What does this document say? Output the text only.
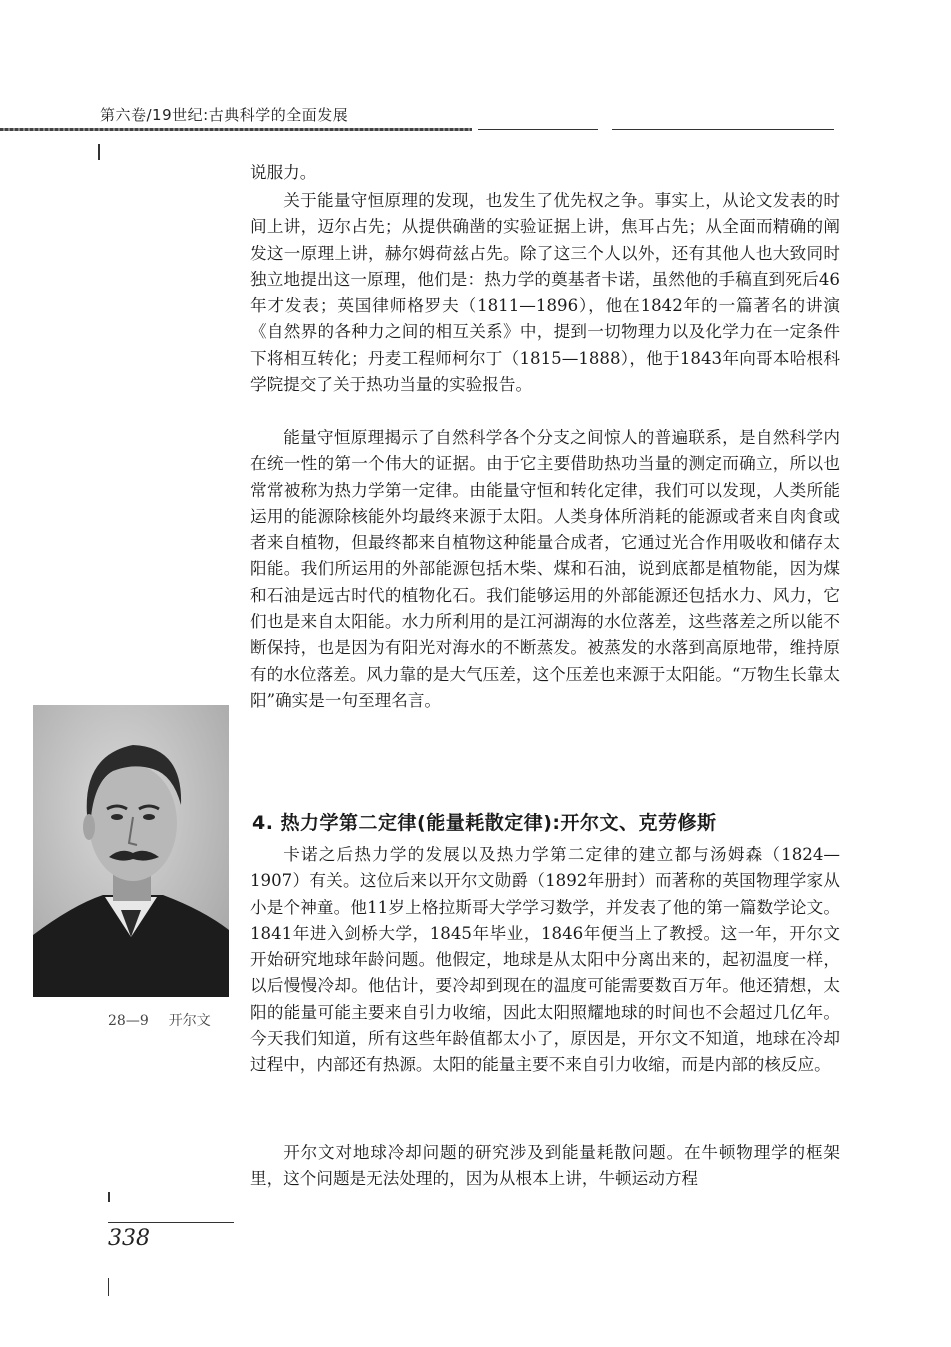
第六卷/19世纪:古典科学的全面发展

说服力。

关于能量守恒原理的发现，也发生了优先权之争。事实上，从论文发表的时间上讲，迈尔占先；从提供确凿的实验证据上讲，焦耳占先；从全面而精确的阐发这一原理上讲，赫尔姆荷兹占先。除了这三个人以外，还有其他人也大致同时独立地提出这一原理，他们是：热力学的奠基者卡诺，虽然他的手稿直到死后46年才发表；英国律师格罗夫（1811—1896），他在1842年的一篇著名的讲演《自然界的各种力之间的相互关系》中，提到一切物理力以及化学力在一定条件下将相互转化；丹麦工程师柯尔丁（1815—1888），他于1843年向哥本哈根科学院提交了关于热功当量的实验报告。

能量守恒原理揭示了自然科学各个分支之间惊人的普遍联系，是自然科学内在统一性的第一个伟大的证据。由于它主要借助热功当量的测定而确立，所以也常常被称为热力学第一定律。由能量守恒和转化定律，我们可以发现，人类所能运用的能源除核能外均最终来源于太阳。人类身体所消耗的能源或者来自肉食或者来自植物，但最终都来自植物这种能量合成者，它通过光合作用吸收和储存太阳能。我们所运用的外部能源包括木柴、煤和石油，说到底都是植物能，因为煤和石油是远古时代的植物化石。我们能够运用的外部能源还包括水力、风力，它们也是来自太阳能。水力所利用的是江河湖海的水位落差，这些落差之所以能不断保持，也是因为有阳光对海水的不断蒸发。被蒸发的水落到高原地带，维持原有的水位落差。风力靠的是大气压差，这个压差也来源于太阳能。“万物生长靠太阳”确实是一句至理名言。

28—9 开尔文
4. 热力学第二定律(能量耗散定律):开尔文、克劳修斯

卡诺之后热力学的发展以及热力学第二定律的建立都与汤姆森（1824—1907）有关。这位后来以开尔文勋爵（1892年册封）而著称的英国物理学家从小是个神童。他11岁上格拉斯哥大学学习数学，并发表了他的第一篇数学论文。1841年进入剑桥大学，1845年毕业，1846年便当上了教授。这一年，开尔文开始研究地球年龄问题。他假定，地球是从太阳中分离出来的，起初温度一样，以后慢慢冷却。他估计，要冷却到现在的温度可能需要数百万年。他还猜想，太阳的能量可能主要来自引力收缩，因此太阳照耀地球的时间也不会超过几亿年。今天我们知道，所有这些年龄值都太小了，原因是，开尔文不知道，地球在冷却过程中，内部还有热源。太阳的能量主要不来自引力收缩，而是内部的核反应。

开尔文对地球冷却问题的研究涉及到能量耗散问题。在牛顿物理学的框架里，这个问题是无法处理的，因为从根本上讲，牛顿运动方程

338
